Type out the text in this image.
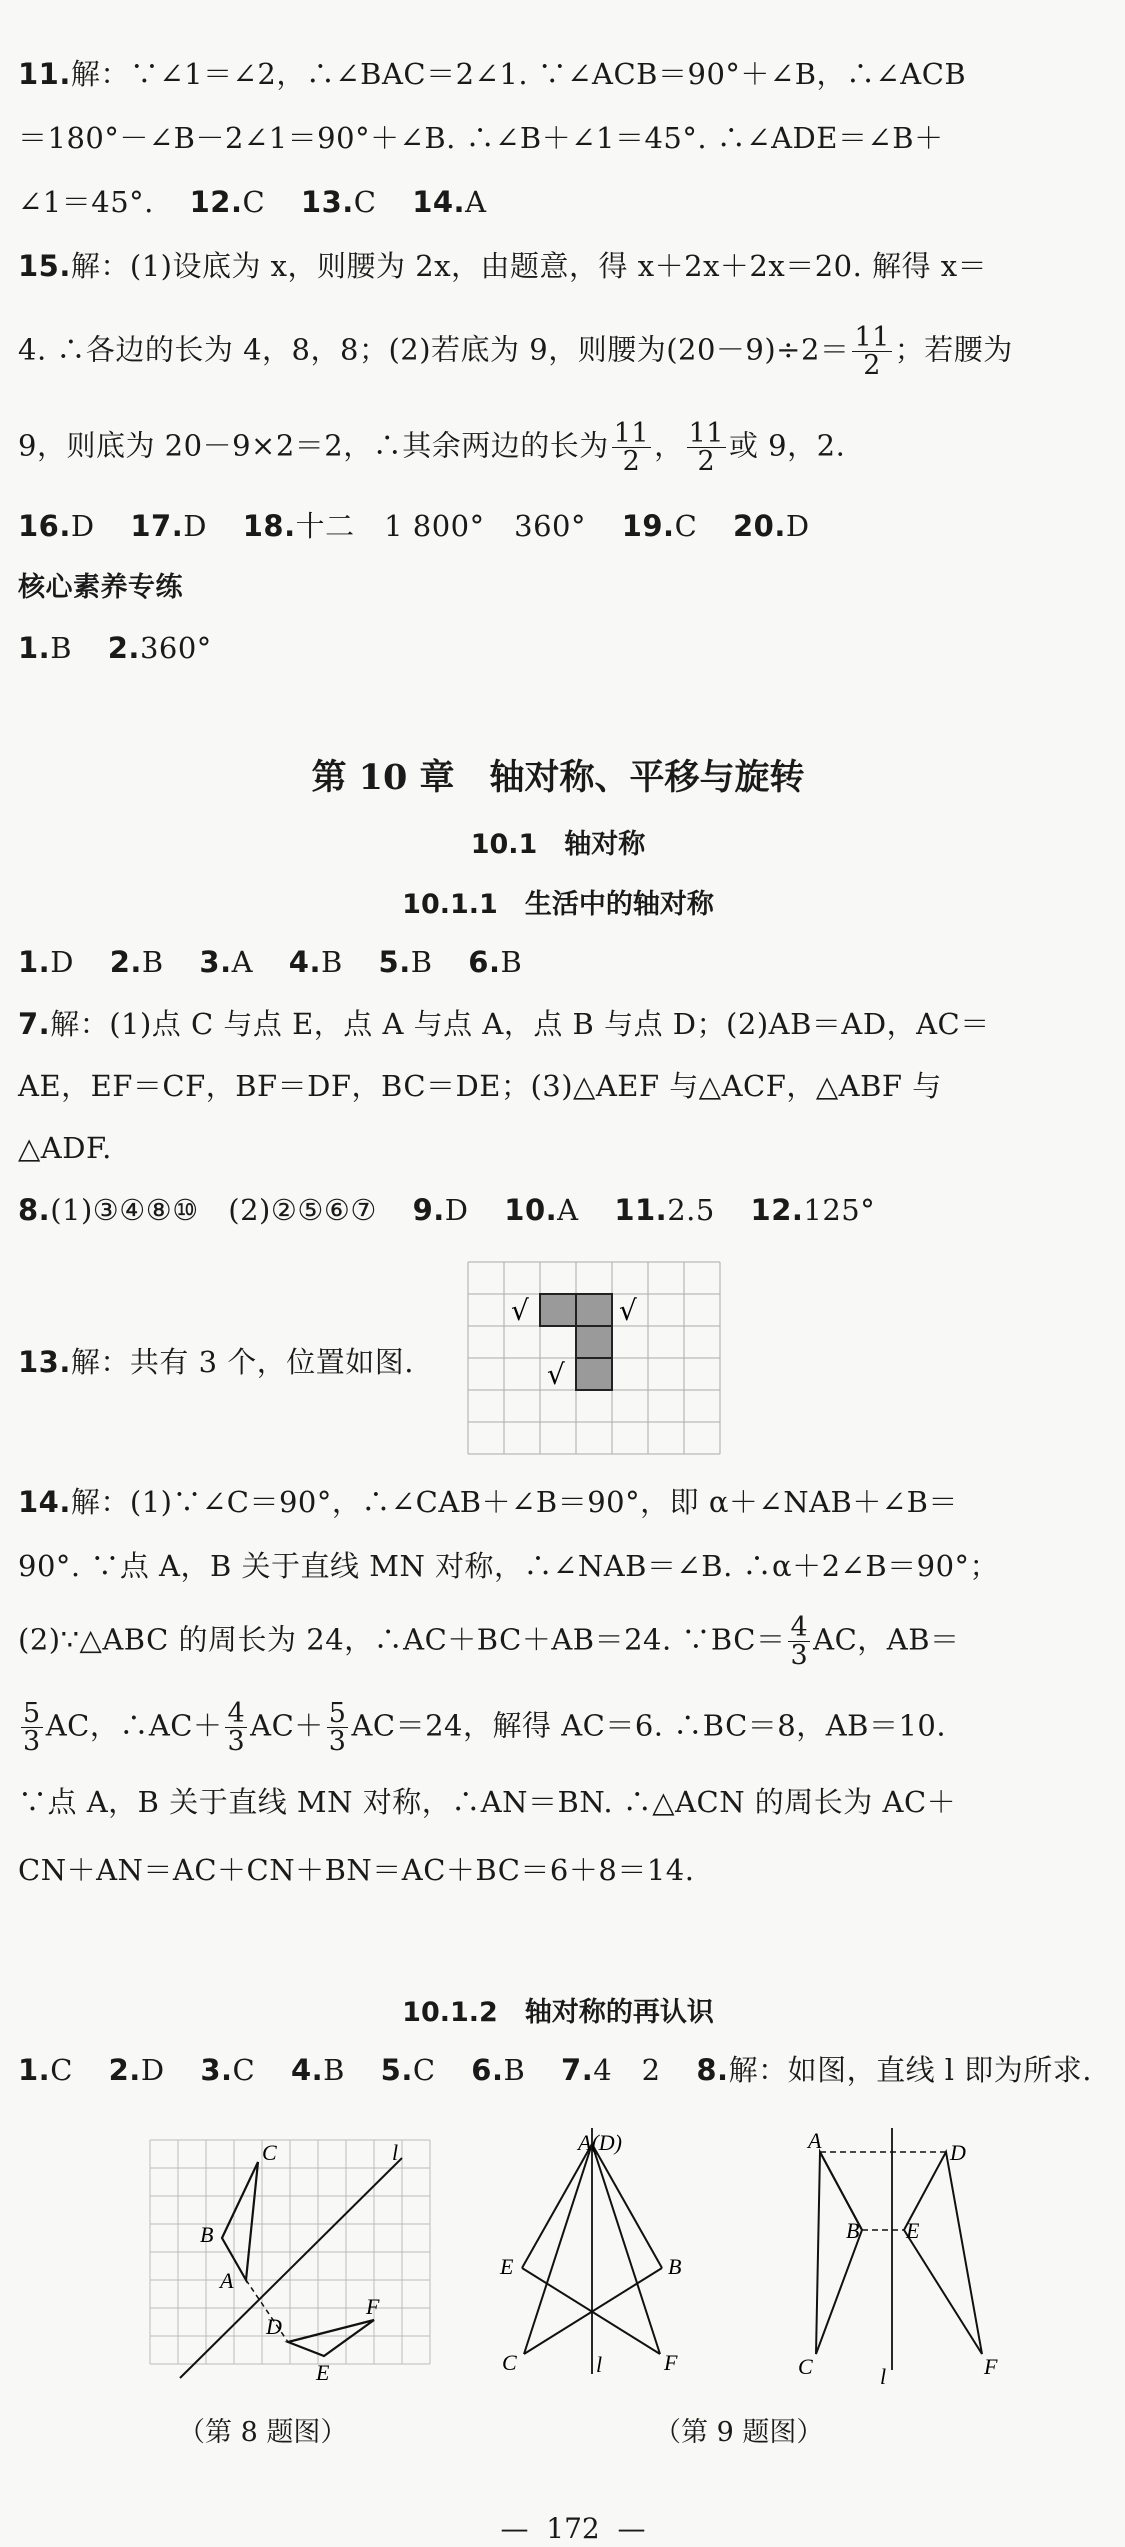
11.解：∵∠1＝∠2，∴∠BAC＝2∠1. ∵∠ACB＝90°＋∠B，∴∠ACB
＝180°－∠B－2∠1＝90°＋∠B. ∴∠B＋∠1＝45°. ∴∠ADE＝∠B＋
∠1＝45°. 12.C 13.C 14.A
15.解：(1)设底为 x，则腰为 2x，由题意，得 x＋2x＋2x＝20. 解得 x＝
4. ∴各边的长为 4，8，8；(2)若底为 9，则腰为$(20-9)\div 2= \frac{11}{2}$ ；若腰为
9，则底为 20－9×2＝2，∴其余两边的长为 $\frac{11}{2}$ ， $\frac{11}{2}$ 或 9，2.
16.D 17.D 18.十二　1 800°　360° 19.C 20.D
核心素养专练
1.B 2.360°
第 10 章　轴对称、平移与旋转
10.1　轴对称
10.1.1　生活中的轴对称
1.D 2.B 3.A 4.B 5.B 6.B
7.解：(1)点 C 与点 E，点 A 与点 A，点 B 与点 D；(2)AB＝AD，AC＝
AE，EF＝CF，BF＝DF，BC＝DE；(3)△AEF 与△ACF，△ABF 与
△ADF.
8.(1)③④⑧⑩　(2)②⑤⑥⑦ 9.D 10.A 11.2.5 12.125°
13.解：共有 3 个，位置如图.
√	√
√
14.解：(1)∵∠C＝90°，∴∠CAB＋∠B＝90°，即 α＋∠NAB＋∠B＝
90°. ∵点 A，B 关于直线 MN 对称，∴∠NAB＝∠B. ∴α＋2∠B＝90°；
(2)∵△ABC 的周长为 24，∴AC＋BC＋AB＝24. ∵BC＝ $\frac{4}{3}$ AC，AB＝
$\frac{5}{3}$ AC，∴AC＋ $\frac{4}{3} AC+ \frac{5}{3} AC=24$，解得 AC＝6. ∴BC＝8，AB＝10.
∵点 A，B 关于直线 MN 对称，∴AN＝BN. ∴△ACN 的周长为 AC＋
CN＋AN＝AC＋CN＋BN＝AC＋BC＝6＋8＝14.
10.1.2　轴对称的再认识
1.C 2.D 3.C 4.B 5.C 6.B 7.4　2 8.解：如图，直线 l 即为所求.
C
B
A
D
F
E
l
（第 8 题图）
A(D)
E	B
C	F
l
A	D
B E
C	F
l
（第 9 题图）
— 172 —
